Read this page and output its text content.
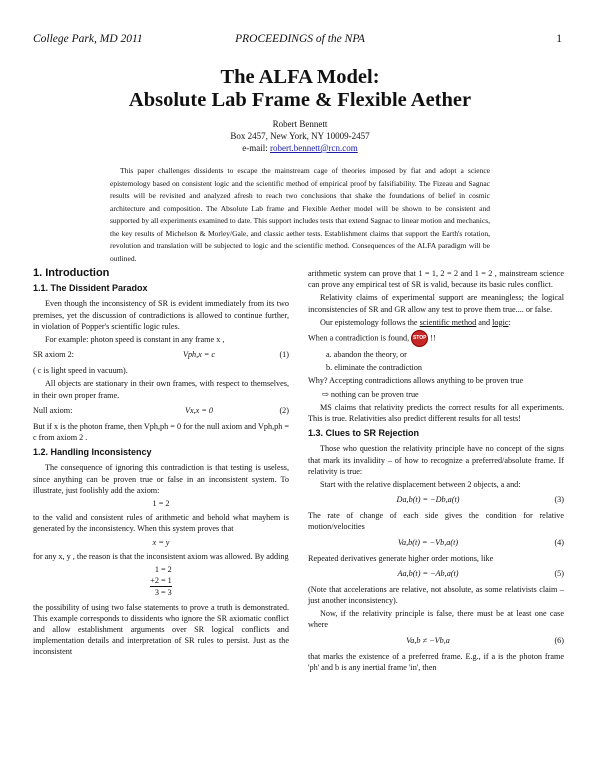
College Park, MD 2011	PROCEEDINGS of the NPA	1
The ALFA Model:
Absolute Lab Frame & Flexible Aether
Robert Bennett
Box 2457, New York, NY 10009-2457
e-mail: robert.bennett@rcn.com

This paper challenges dissidents to escape the mainstream cage of theories imposed by fiat and adopt a science epistemology based on consistent logic and the scientific method of empirical proof by falsifiability. The Fizeau and Sagnac results will be revisited and analyzed afresh to reach two conclusions that shake the foundations of belief in cosmic architecture and composition. The Absolute Lab frame and Flexible Aether model will be shown to be consistent and supported by all experiments examined to date. This support includes tests that extend Sagnac to linear motion and mechanics, the key results of Michelson & Morley/Gale, and classic aether tests. Establishment claims that support the Earth's rotation, revolution and translation will be subjected to logic and the scientific method. Consequences of the ALFA paradigm will be outlined.

1. Introduction
1.1. The Dissident Paradox

Even though the inconsistency of SR is evident immediately from its two premises, yet the discussion of contradictions is allowed to continue further, in violation of Popper's scientific logic rules.

For example: photon speed is constant in any frame x ,

SR axiom 2:	Vph,x = c	(1)

( c is light speed in vacuum).

All objects are stationary in their own frames, with respect to themselves, in their own proper frame.

Null axiom:	Vx,x = 0	(2)

But if x is the photon frame, then Vph,ph = 0 for the null axiom and Vph,ph = c from axiom 2 .

1.2. Handling Inconsistency

The consequence of ignoring this contradiction is that testing is useless, since anything can be proven true or false in an inconsistent system. To illustrate, just foolishly add the axiom:

1 = 2

to the valid and consistent rules of arithmetic and behold what mayhem is generated by the inconsistency. When this system proves that

x = y

for any x, y , the reason is that the inconsistent axiom was allowed. By adding

1 = 2
+2 = 1
3 = 3

the possibility of using two false statements to prove a truth is demonstrated. This example corresponds to dissidents who ignore the SR axiomatic conflict and allow establishment arguments over SR logical conflicts and implementation details and interpretation of SR rules to persist. Just as the inconsistent

arithmetic system can prove that 1 = 1, 2 = 2 and 1 = 2 , mainstream science can prove any empirical test of SR is valid, because its basic rules conflict.

Relativity claims of experimental support are meaningless; the logical inconsistencies of SR and GR allow any test to prove them true.... or false.

Our epistemology follows the scientific method and logic:

When a contradiction is found, STOP !!

a. abandon the theory, or
b. eliminate the contradiction

Why? Accepting contradictions allows anything to be proven true

⇨ nothing can be proven true

MS claims that relativity predicts the correct results for all experiments. This is true. Relativities also predict different results for all tests!

1.3. Clues to SR Rejection

Those who question the relativity principle have no concept of the signs that mark its invalidity – of how to recognize a preferred/absolute frame. If relativity is true:

Start with the relative displacement between 2 objects, a and:

Da,b(t) = −Db,a(t)	(3)

The rate of change of each side gives the condition for relative motion/velocities

Va,b(t) = −Vb,a(t)	(4)

Repeated derivatives generate higher order motions, like

Aa,b(t) = −Ab,a(t)	(5)

(Note that accelerations are relative, not absolute, as some relativists claim – just another inconsistency).

Now, if the relativity principle is false, there must be at least one case where

Va,b ≠ −Vb,a	(6)

that marks the existence of a preferred frame. E.g., if a is the photon frame 'ph' and b is any inertial frame 'in', then
